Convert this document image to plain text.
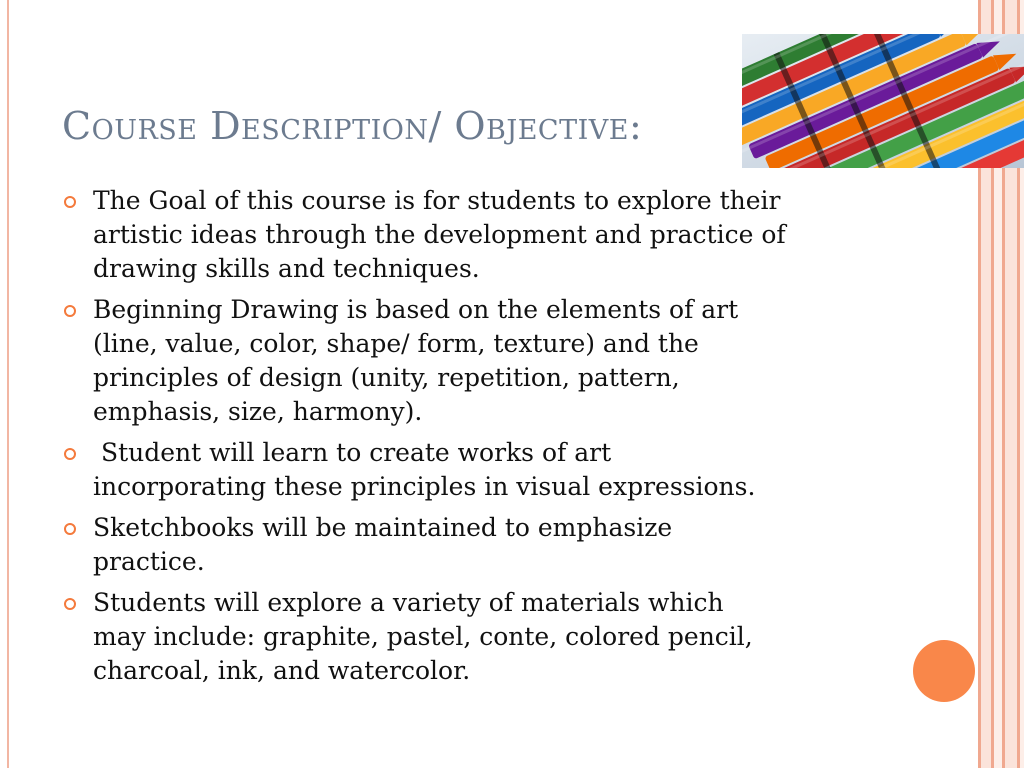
Course Description/ Objective:
The Goal of this course is for students to explore their
artistic ideas through the development and practice of
drawing skills and techniques.
Beginning Drawing is based on the elements of art
(line, value, color, shape/ form, texture) and the
principles of design (unity, repetition, pattern,
emphasis, size, harmony).
Student will learn to create works of art
incorporating these principles in visual expressions.
Sketchbooks will be maintained to emphasize
practice.
Students will explore a variety of materials which
may include: graphite, pastel, conte, colored pencil,
charcoal, ink, and watercolor.
